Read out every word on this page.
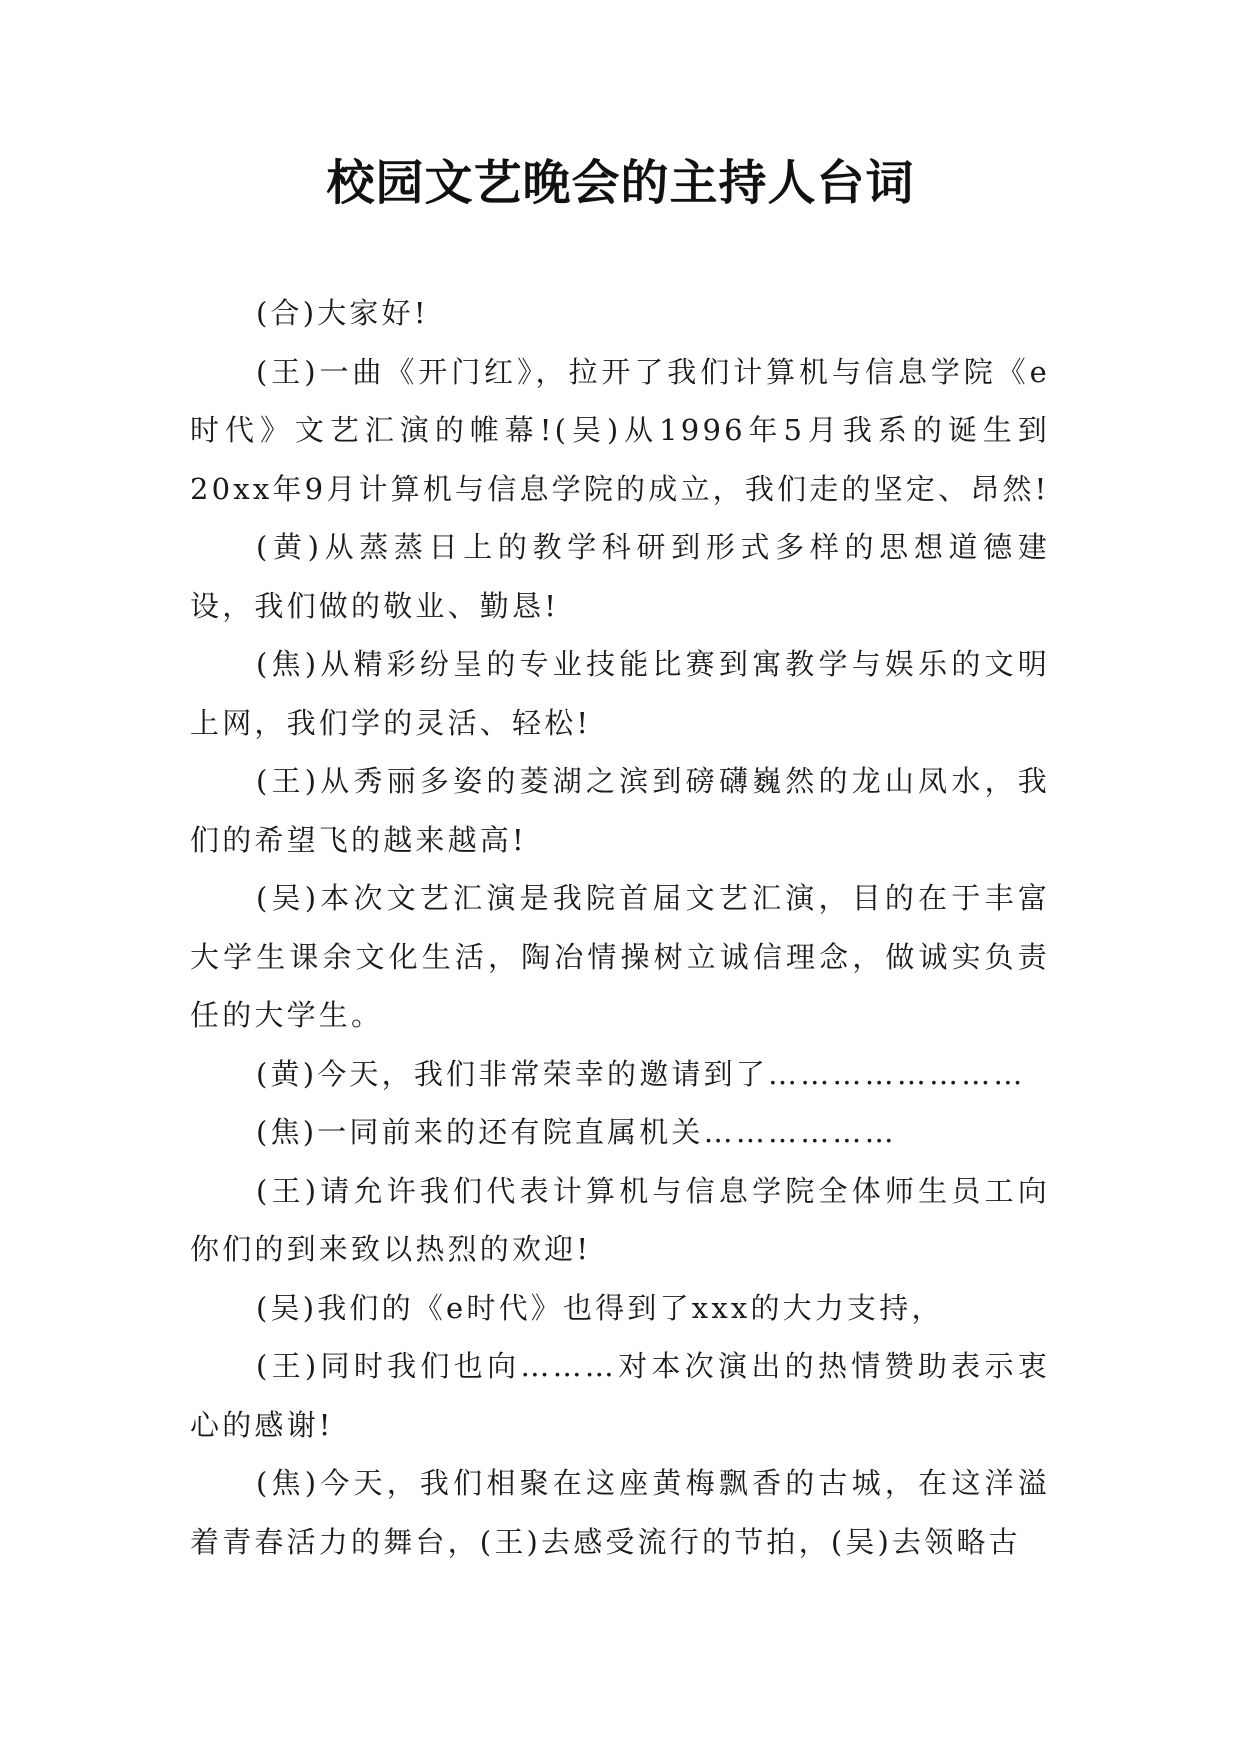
校园文艺晚会的主持人台词

(合)大家好!

(王)一曲《开门红》，拉开了我们计算机与信息学院《e时代》文艺汇演的帷幕!(吴)从1996年5月我系的诞生到20xx年9月计算机与信息学院的成立，我们走的坚定、昂然!

(黄)从蒸蒸日上的教学科研到形式多样的思想道德建设，我们做的敬业、勤恳!

(焦)从精彩纷呈的专业技能比赛到寓教学与娱乐的文明上网，我们学的灵活、轻松!

(王)从秀丽多姿的菱湖之滨到磅礴巍然的龙山凤水，我们的希望飞的越来越高!

(吴)本次文艺汇演是我院首届文艺汇演，目的在于丰富大学生课余文化生活，陶冶情操树立诚信理念，做诚实负责任的大学生。

(黄)今天，我们非常荣幸的邀请到了……………………

(焦)一同前来的还有院直属机关………………

(王)请允许我们代表计算机与信息学院全体师生员工向你们的到来致以热烈的欢迎!

(吴)我们的《e时代》也得到了xxx的大力支持，

(王)同时我们也向………对本次演出的热情赞助表示衷心的感谢!

(焦)今天，我们相聚在这座黄梅飘香的古城，在这洋溢着青春活力的舞台，(王)去感受流行的节拍，(吴)去领略古
